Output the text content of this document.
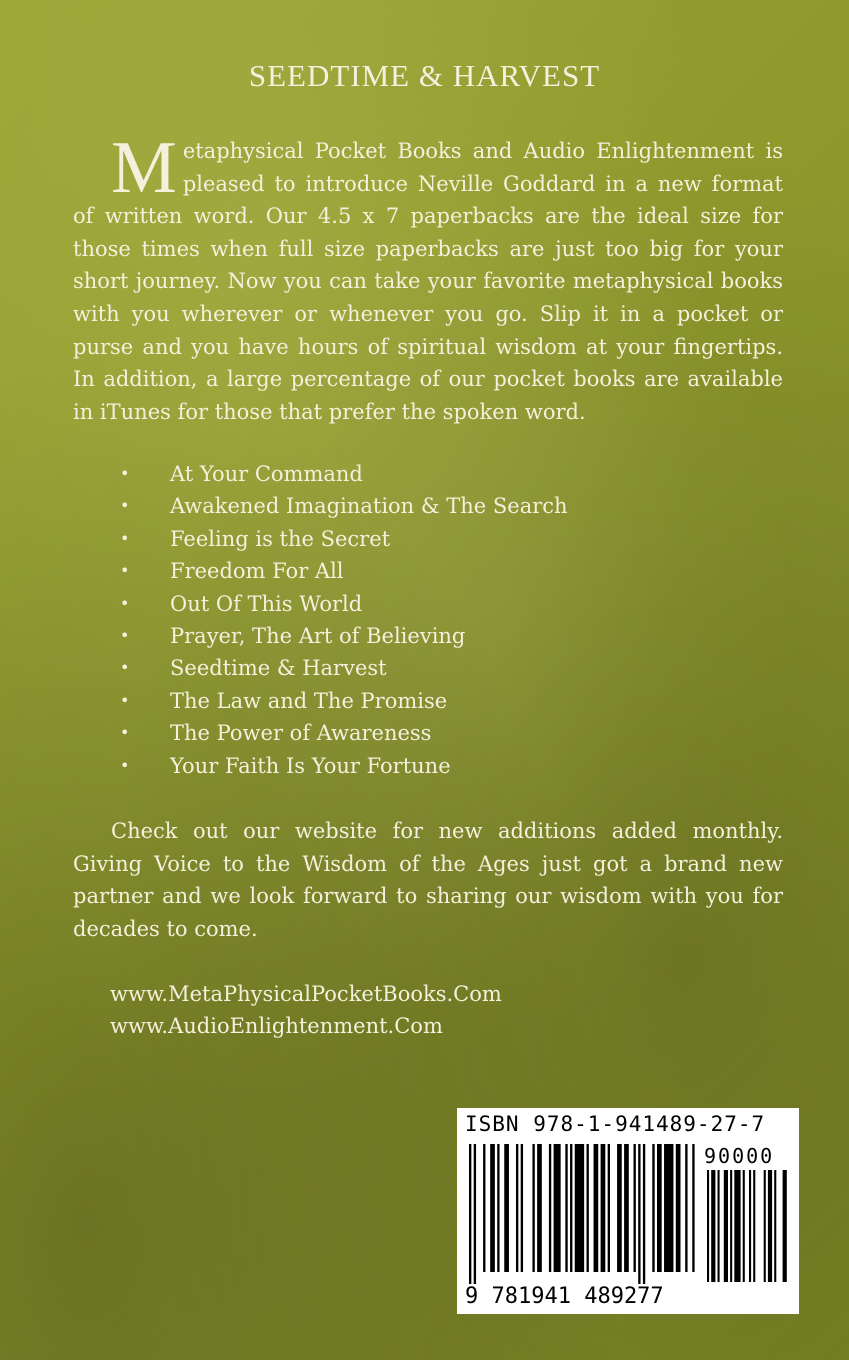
SEEDTIME & HARVEST

Metaphysical Pocket Books and Audio Enlightenment is pleased to introduce Neville Goddard in a new format of written word. Our 4.5 x 7 paperbacks are the ideal size for those times when full size paperbacks are just too big for your short journey. Now you can take your favorite metaphysical books with you wherever or whenever you go. Slip it in a pocket or purse and you have hours of spiritual wisdom at your fingertips. In addition, a large percentage of our pocket books are available in iTunes for those that prefer the spoken word.

•	At Your Command
•	Awakened Imagination & The Search
•	Feeling is the Secret
•	Freedom For All
•	Out Of This World
•	Prayer, The Art of Believing
•	Seedtime & Harvest
•	The Law and The Promise
•	The Power of Awareness
•	Your Faith Is Your Fortune

Check out our website for new additions added monthly. Giving Voice to the Wisdom of the Ages just got a brand new partner and we look forward to sharing our wisdom with you for decades to come.

www.MetaPhysicalPocketBooks.Com
www.AudioEnlightenment.Com
ISBN 978-1-941489-27-7
90000
9 781941 489277
